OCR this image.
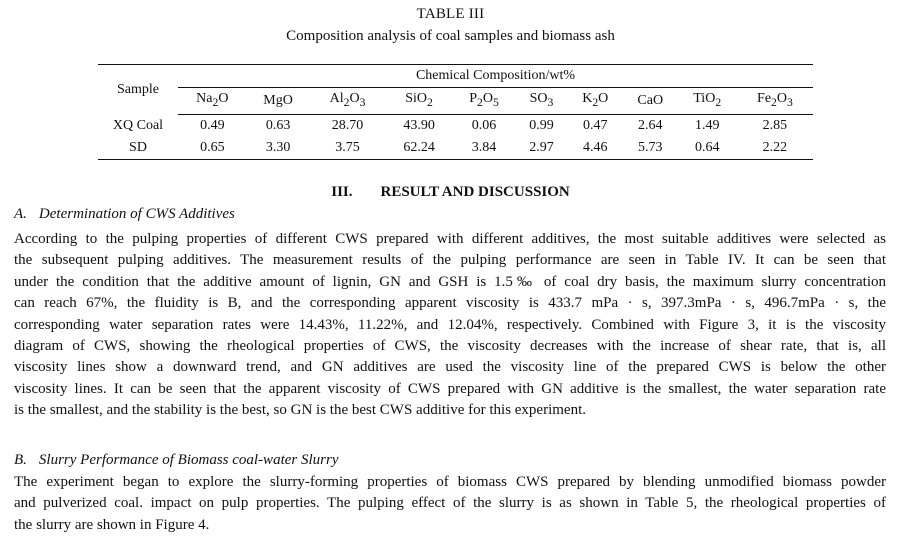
TABLE III
Composition analysis of coal samples and biomass ash
Sample	Chemical Composition/wt%									
	$Na_2O$	MgO	$Al_2O_3$	SiO$_2$	$P_2O_5$	$SO_3$	$K_2O$	CaO	TiO$_2$	$Fe_2O_3$
XQ Coal	0.49	0.63	28.70	43.90	0.06	0.99	0.47	2.64	1.49	2.85
SD	0.65	3.30	3.75	62.24	3.84	2.97	4.46	5.73	0.64	2.22
III. RESULT AND DISCUSSION
A. Determination of CWS Additives
According to the pulping properties of different CWS prepared with different additives, the most suitable additives were selected as
the subsequent pulping additives. The measurement results of the pulping performance are seen in Table IV. It can be seen that
under the condition that the additive amount of lignin, GN and GSH is 1.5‰ of coal dry basis, the maximum slurry concentration
can reach 67%, the fluidity is B, and the corresponding apparent viscosity is 433.7 mPa · s, 397.3mPa · s, 496.7mPa · s, the
corresponding water separation rates were 14.43%, 11.22%, and 12.04%, respectively. Combined with Figure 3, it is the viscosity
diagram of CWS, showing the rheological properties of CWS, the viscosity decreases with the increase of shear rate, that is, all
viscosity lines show a downward trend, and GN additives are used the viscosity line of the prepared CWS is below the other
viscosity lines. It can be seen that the apparent viscosity of CWS prepared with GN additive is the smallest, the water separation rate
is the smallest, and the stability is the best, so GN is the best CWS additive for this experiment.
B. Slurry Performance of Biomass coal-water Slurry
The experiment began to explore the slurry-forming properties of biomass CWS prepared by blending unmodified biomass powder
and pulverized coal. impact on pulp properties. The pulping effect of the slurry is as shown in Table 5, the rheological properties of
the slurry are shown in Figure 4.
